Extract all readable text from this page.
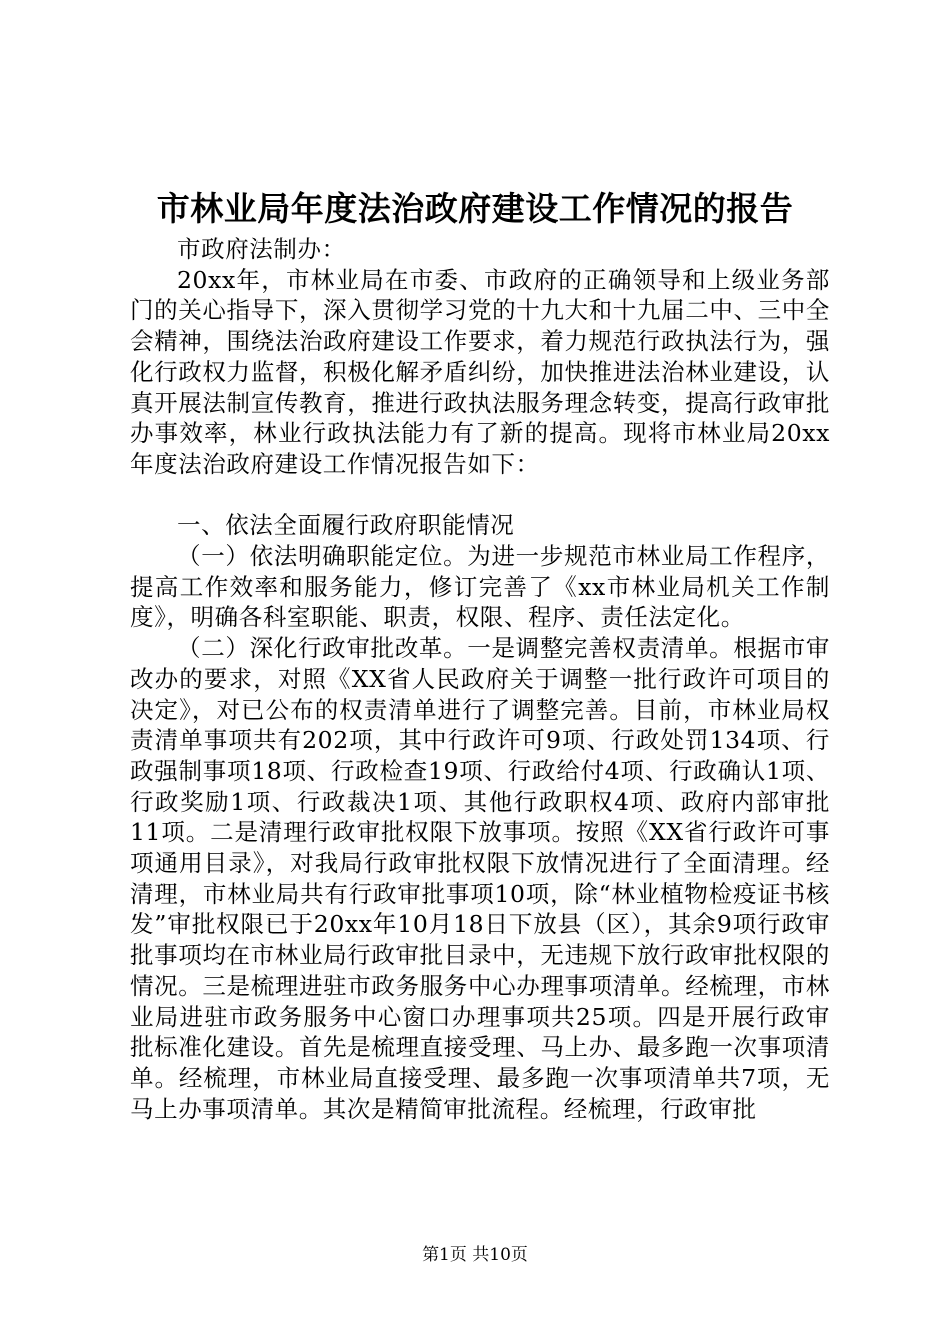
市林业局年度法治政府建设工作情况的报告

市政府法制办：

20xx年，市林业局在市委、市政府的正确领导和上级业务部门的关心指导下，深入贯彻学习党的十九大和十九届二中、三中全会精神，围绕法治政府建设工作要求，着力规范行政执法行为，强化行政权力监督，积极化解矛盾纠纷，加快推进法治林业建设，认真开展法制宣传教育，推进行政执法服务理念转变，提高行政审批办事效率，林业行政执法能力有了新的提高。现将市林业局20xx年度法治政府建设工作情况报告如下：

一、依法全面履行政府职能情况

（一）依法明确职能定位。为进一步规范市林业局工作程序，提高工作效率和服务能力，修订完善了《xx市林业局机关工作制度》，明确各科室职能、职责，权限、程序、责任法定化。

（二）深化行政审批改革。一是调整完善权责清单。根据市审改办的要求，对照《XX省人民政府关于调整一批行政许可项目的决定》，对已公布的权责清单进行了调整完善。目前，市林业局权责清单事项共有202项，其中行政许可9项、行政处罚134项、行政强制事项18项、行政检查19项、行政给付4项、行政确认1项、行政奖励1项、行政裁决1项、其他行政职权4项、政府内部审批11项。二是清理行政审批权限下放事项。按照《XX省行政许可事项通用目录》，对我局行政审批权限下放情况进行了全面清理。经清理，市林业局共有行政审批事项10项，除“林业植物检疫证书核发”审批权限已于20xx年10月18日下放县（区），其余9项行政审批事项均在市林业局行政审批目录中，无违规下放行政审批权限的情况。三是梳理进驻市政务服务中心办理事项清单。经梳理，市林业局进驻市政务服务中心窗口办理事项共25项。四是开展行政审批标准化建设。首先是梳理直接受理、马上办、最多跑一次事项清单。经梳理，市林业局直接受理、最多跑一次事项清单共7项，无马上办事项清单。其次是精简审批流程。经梳理，行政审批

第1页 共10页
